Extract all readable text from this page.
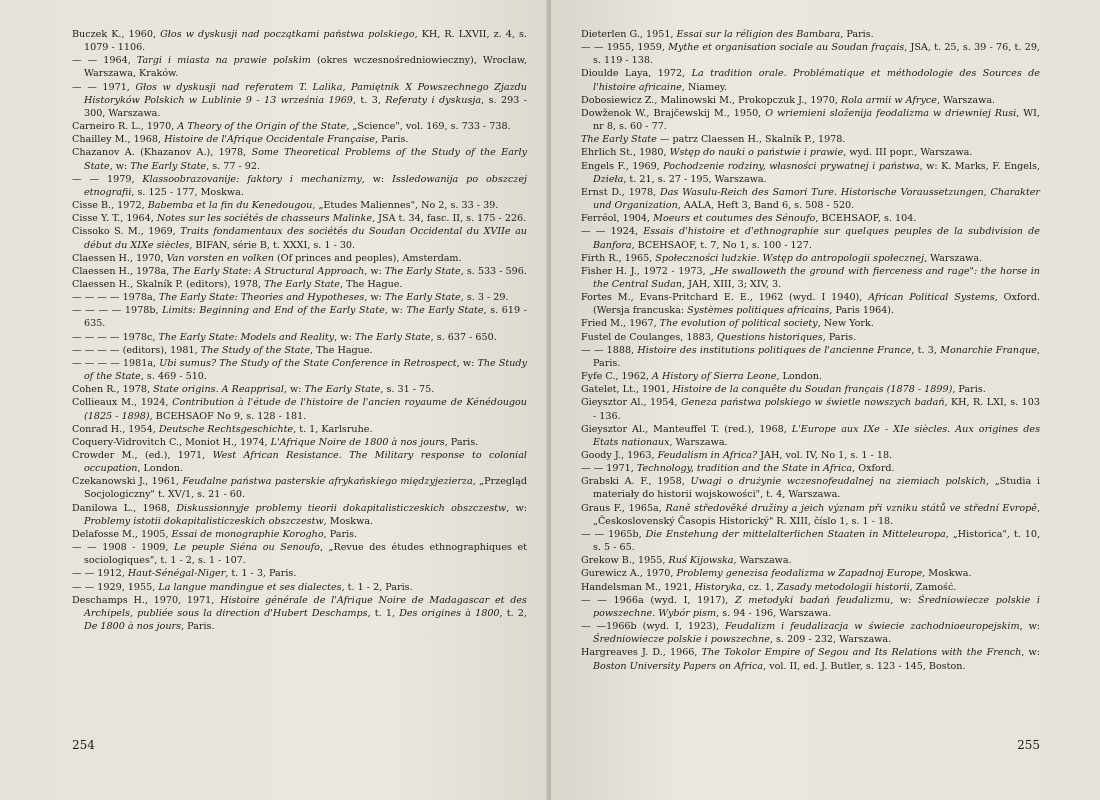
Buczek K., 1960, Głos w dyskusji nad początkami państwa polskiego, KH, R. LXVII, z. 4, s. 1079 - 1106.

— — 1964, Targi i miasta na prawie polskim (okres wczesnośredniowieczny), Wrocław, Warszawa, Kraków.

— — 1971, Głos w dyskusji nad referatem T. Lalika, Pamiętnik X Powszechnego Zjazdu Historyków Polskich w Lublinie 9 - 13 września 1969, t. 3, Referaty i dyskusja, s. 293 - 300, Warszawa.

Carneiro R. L., 1970, A Theory of the Origin of the State, „Science", vol. 169, s. 733 - 738.

Chailley M., 1968, Histoire de l'Afrique Occidentale Française, Paris.

Chazanov A. (Khazanov A.), 1978, Some Theoretical Problems of the Study of the Early State, w: The Early State, s. 77 - 92.

— — 1979, Klassoobrazovanije: faktory i mechanizmy, w: Issledowanija po obszczej etnografii, s. 125 - 177, Moskwa.

Cisse B., 1972, Babemba et la fin du Kenedougou, „Etudes Maliennes", No 2, s. 33 - 39.

Cisse Y. T., 1964, Notes sur les sociétés de chasseurs Malinke, JSA t. 34, fasc. II, s. 175 - 226.

Cissoko S. M., 1969, Traits fondamentaux des sociétés du Soudan Occidental du XVIIe au début du XIXe siècles, BIFAN, série B, t. XXXI, s. 1 - 30.

Claessen H., 1970, Van vorsten en volken (Of princes and peoples), Amsterdam.

Claessen H., 1978a, The Early State: A Structural Approach, w: The Early State, s. 533 - 596.

Claessen H., Skalník P. (editors), 1978, The Early State, The Hague.

— — — — 1978a, The Early State: Theories and Hypotheses, w: The Early State, s. 3 - 29.

— — — — 1978b, Limits: Beginning and End of the Early State, w: The Early State, s. 619 - 635.

— — — — 1978c, The Early State: Models and Reality, w: The Early State, s. 637 - 650.

— — — — (editors), 1981, The Study of the State, The Hague.

— — — — 1981a, Ubi sumus? The Study of the State Conference in Retrospect, w: The Study of the State, s. 469 - 510.

Cohen R., 1978, State origins. A Reapprisal, w: The Early State, s. 31 - 75.

Collieaux M., 1924, Contribution à l'étude de l'histoire de l'ancien royaume de Kénédougou (1825 - 1898), BCEHSAOF No 9, s. 128 - 181.

Conrad H., 1954, Deutsche Rechtsgeschichte, t. 1, Karlsruhe.

Coquery-Vidrovitch C., Moniot H., 1974, L'Afrique Noire de 1800 à nos jours, Paris.

Crowder M., (ed.), 1971, West African Resistance. The Military response to colonial occupation, London.

Czekanowski J., 1961, Feudalne państwa pasterskie afrykańskiego międzyjezierza, „Przegląd Socjologiczny" t. XV/1, s. 21 - 60.

Danilowa L., 1968, Diskussionnyje problemy tieorii dokapitalisticzeskich obszczestw, w: Problemy istotii dokapitalisticzeskich obszczestw, Moskwa.

Delafosse M., 1905, Essai de monographie Korogho, Paris.

— — 1908 - 1909, Le peuple Siéna ou Senoufo, „Revue des études ethnographiques et sociologiques", t. 1 - 2, s. 1 - 107.

— — 1912, Haut-Sénégal-Niger, t. 1 - 3, Paris.

— — 1929, 1955, La langue mandingue et ses dialectes, t. 1 - 2, Paris.

Deschamps H., 1970, 1971, Histoire générale de l'Afrique Noire de Madagascar et des Archipels, publiée sous la direction d'Hubert Deschamps, t. 1, Des origines à 1800, t. 2, De 1800 à nos jours, Paris.

254

Dieterlen G., 1951, Essai sur la réligion des Bambara, Paris.

— — 1955, 1959, Mythe et organisation sociale au Soudan fraçais, JSA, t. 25, s. 39 - 76, t. 29, s. 119 - 138.

Dioulde Laya, 1972, La tradition orale. Problématique et méthodologie des Sources de l'histoire africaine, Niamey.

Dobosiewicz Z., Malinowski M., Prokopczuk J., 1970, Rola armii w Afryce, Warszawa.

Dowženok W., Brajčewskij M., 1950, O wriemieni složenija feodalizma w driewniej Rusi, WI, nr 8, s. 60 - 77.

The Early State — patrz Claessen H., Skalník P., 1978.

Ehrlich St., 1980, Wstęp do nauki o państwie i prawie, wyd. III popr., Warszawa.

Engels F., 1969, Pochodzenie rodziny, własności prywatnej i państwa, w: K. Marks, F. Engels, Dzieła, t. 21, s. 27 - 195, Warszawa.

Ernst D., 1978, Das Wasulu-Reich des Samori Ture. Historische Voraussetzungen, Charakter und Organization, AALA, Heft 3, Band 6, s. 508 - 520.

Ferréol, 1904, Moeurs et coutumes des Sénoufo, BCEHSAOF, s. 104.

— — 1924, Essais d'histoire et d'ethnographie sur quelques peuples de la subdivision de Banfora, BCEHSAOF, t. 7, No 1, s. 100 - 127.

Firth R., 1965, Społeczności ludzkie. Wstęp do antropologii społecznej, Warszawa.

Fisher H. J., 1972 - 1973, „He swalloweth the ground with fierceness and rage": the horse in the Central Sudan, JAH, XIII, 3; XIV, 3.

Fortes M., Evans-Pritchard E. E., 1962 (wyd. I 1940), African Political Systems, Oxford. (Wersja francuska: Systèmes politiques africains, Paris 1964).

Fried M., 1967, The evolution of political society, New York.

Fustel de Coulanges, 1883, Questions historiques, Paris.

— — 1888, Histoire des institutions politiques de l'ancienne France, t. 3, Monarchie Franque, Paris.

Fyfe C., 1962, A History of Sierra Leone, London.

Gatelet, Lt., 1901, Histoire de la conquête du Soudan français (1878 - 1899), Paris.

Gieysztor Al., 1954, Geneza państwa polskiego w świetle nowszych badań, KH, R. LXI, s. 103 - 136.

Gieysztor Al., Manteuffel T. (red.), 1968, L'Europe aux IXe - XIe siècles. Aux origines des Etats nationaux, Warszawa.

Goody J., 1963, Feudalism in Africa? JAH, vol. IV, No 1, s. 1 - 18.

— — 1971, Technology, tradition and the State in Africa, Oxford.

Grabski A. F., 1958, Uwagi o drużynie wczesnofeudalnej na ziemiach polskich, „Studia i materiały do historii wojskowości", t. 4, Warszawa.

Graus F., 1965a, Raně středověké družiny a jeich význam při vzniku států ve střední Evropě, „Československý Časopis Historický" R. XIII, číslo 1, s. 1 - 18.

— — 1965b, Die Enstehung der mittelalterlichen Staaten in Mitteleuropa, „Historica", t. 10, s. 5 - 65.

Grekow B., 1955, Ruś Kijowska, Warszawa.

Gurewicz A., 1970, Problemy genezisa feodalizma w Zapadnoj Europe, Moskwa.

Handelsman M., 1921, Historyka, cz. 1, Zasady metodologii historii, Zamość.

— — 1966a (wyd. I, 1917), Z metodyki badań feudalizmu, w: Średniowiecze polskie i powszechne. Wybór pism, s. 94 - 196, Warszawa.

— —1966b (wyd. I, 1923), Feudalizm i feudalizacja w świecie zachodnioeuropejskim, w: Średniowiecze polskie i powszechne, s. 209 - 232, Warszawa.

Hargreaves J. D., 1966, The Tokolor Empire of Segou and Its Relations with the French, w: Boston University Papers on Africa, vol. II, ed. J. Butler, s. 123 - 145, Boston.

255
